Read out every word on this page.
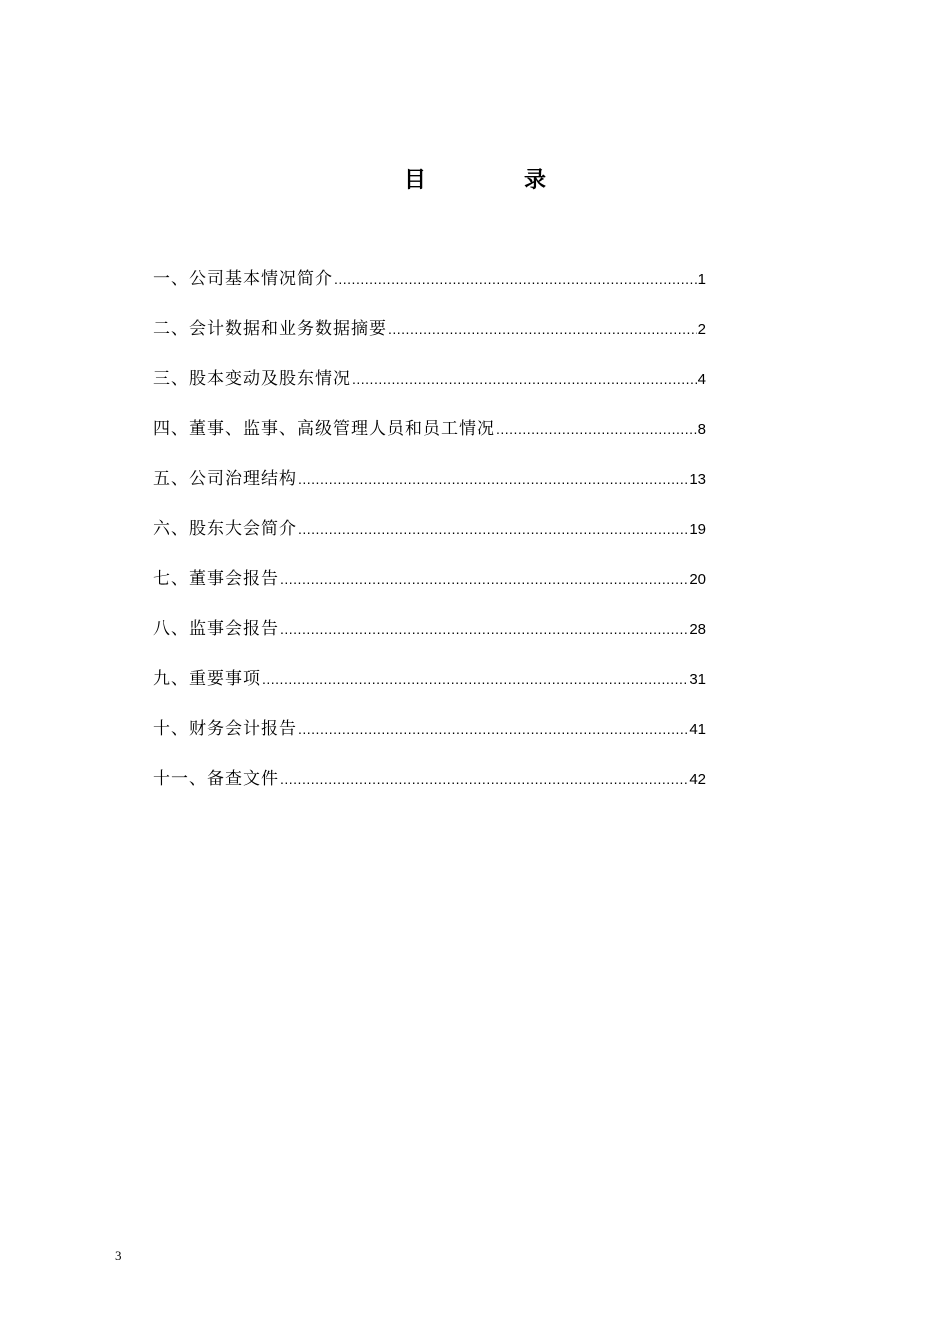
目　录
一、公司基本情况简介 .....	1
二、会计数据和业务数据摘要 .....	2
三、股本变动及股东情况 .....	4
四、董事、监事、高级管理人员和员工情况 .....	8
五、公司治理结构 .....	13
六、股东大会简介 .....	19
七、董事会报告 .....	20
八、监事会报告 .....	28
九、重要事项 .....	31
十、财务会计报告 .....	41
十一、备查文件 .....	42
3
